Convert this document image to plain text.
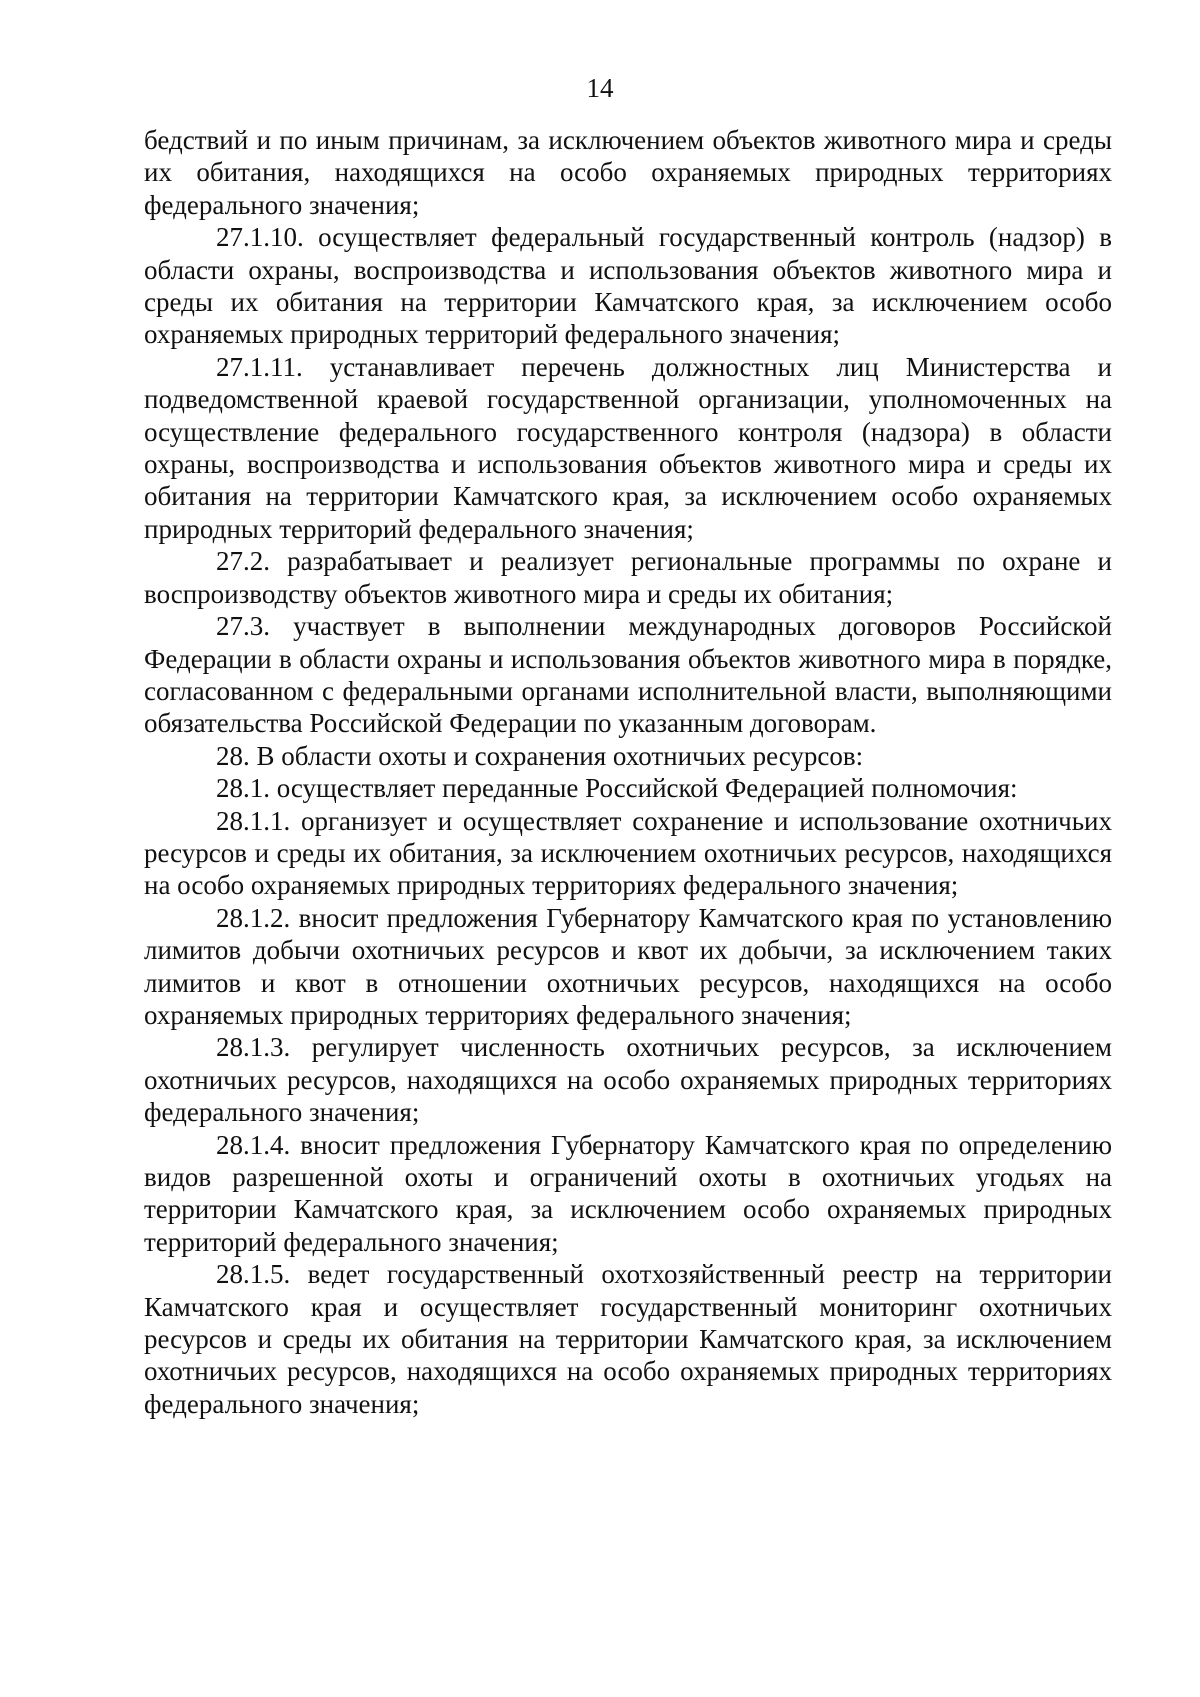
14

бедствий и по иным причинам, за исключением объектов животного мира и среды их обитания, находящихся на особо охраняемых природных территориях федерального значения;

27.1.10. осуществляет федеральный государственный контроль (надзор) в области охраны, воспроизводства и использования объектов животного мира и среды их обитания на территории Камчатского края, за исключением особо охраняемых природных территорий федерального значения;

27.1.11. устанавливает перечень должностных лиц Министерства и подведомственной краевой государственной организации, уполномоченных на осуществление федерального государственного контроля (надзора) в области охраны, воспроизводства и использования объектов животного мира и среды их обитания на территории Камчатского края, за исключением особо охраняемых природных территорий федерального значения;

27.2. разрабатывает и реализует региональные программы по охране и воспроизводству объектов животного мира и среды их обитания;

27.3. участвует в выполнении международных договоров Российской Федерации в области охраны и использования объектов животного мира в порядке, согласованном с федеральными органами исполнительной власти, выполняющими обязательства Российской Федерации по указанным договорам.

28. В области охоты и сохранения охотничьих ресурсов:

28.1. осуществляет переданные Российской Федерацией полномочия:

28.1.1. организует и осуществляет сохранение и использование охотничьих ресурсов и среды их обитания, за исключением охотничьих ресурсов, находящихся на особо охраняемых природных территориях федерального значения;

28.1.2. вносит предложения Губернатору Камчатского края по установлению лимитов добычи охотничьих ресурсов и квот их добычи, за исключением таких лимитов и квот в отношении охотничьих ресурсов, находящихся на особо охраняемых природных территориях федерального значения;

28.1.3. регулирует численность охотничьих ресурсов, за исключением охотничьих ресурсов, находящихся на особо охраняемых природных территориях федерального значения;

28.1.4. вносит предложения Губернатору Камчатского края по определению видов разрешенной охоты и ограничений охоты в охотничьих угодьях на территории Камчатского края, за исключением особо охраняемых природных территорий федерального значения;

28.1.5. ведет государственный охотхозяйственный реестр на территории Камчатского края и осуществляет государственный мониторинг охотничьих ресурсов и среды их обитания на территории Камчатского края, за исключением охотничьих ресурсов, находящихся на особо охраняемых природных территориях федерального значения;
